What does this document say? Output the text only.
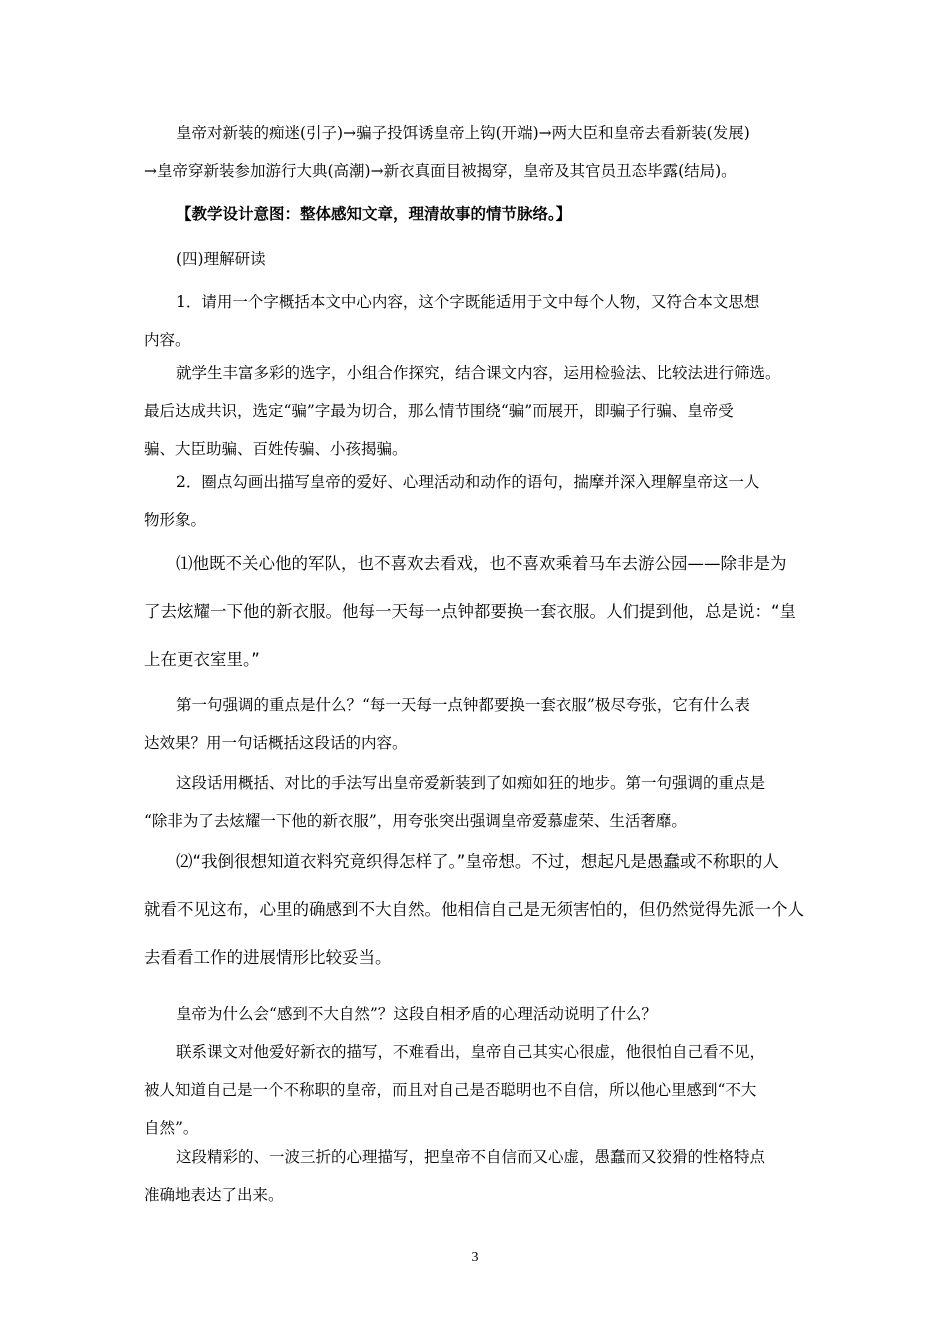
皇帝对新装的痴迷(引子)→骗子投饵诱皇帝上钩(开端)→两大臣和皇帝去看新装(发展)
→皇帝穿新装参加游行大典(高潮)→新衣真面目被揭穿，皇帝及其官员丑态毕露(结局)。
【教学设计意图：整体感知文章，理清故事的情节脉络。】
(四)理解研读
1．请用一个字概括本文中心内容，这个字既能适用于文中每个人物，又符合本文思想
内容。
就学生丰富多彩的选字，小组合作探究，结合课文内容，运用检验法、比较法进行筛选。
最后达成共识，选定“骗”字最为切合，那么情节围绕“骗”而展开，即骗子行骗、皇帝受
骗、大臣助骗、百姓传骗、小孩揭骗。
2．圈点勾画出描写皇帝的爱好、心理活动和动作的语句，揣摩并深入理解皇帝这一人
物形象。
⑴他既不关心他的军队，也不喜欢去看戏，也不喜欢乘着马车去游公园——除非是为
了去炫耀一下他的新衣服。他每一天每一点钟都要换一套衣服。人们提到他，总是说：“皇
上在更衣室里。”
第一句强调的重点是什么？“每一天每一点钟都要换一套衣服”极尽夸张，它有什么表
达效果？用一句话概括这段话的内容。
这段话用概括、对比的手法写出皇帝爱新装到了如痴如狂的地步。第一句强调的重点是
“除非为了去炫耀一下他的新衣服”，用夸张突出强调皇帝爱慕虚荣、生活奢靡。
⑵“我倒很想知道衣料究竟织得怎样了。”皇帝想。不过，想起凡是愚蠢或不称职的人
就看不见这布，心里的确感到不大自然。他相信自己是无须害怕的，但仍然觉得先派一个人
去看看工作的进展情形比较妥当。
皇帝为什么会“感到不大自然”？这段自相矛盾的心理活动说明了什么？
联系课文对他爱好新衣的描写，不难看出，皇帝自己其实心很虚，他很怕自己看不见，
被人知道自己是一个不称职的皇帝，而且对自己是否聪明也不自信，所以他心里感到“不大
自然”。
这段精彩的、一波三折的心理描写，把皇帝不自信而又心虚，愚蠢而又狡猾的性格特点
准确地表达了出来。
3
